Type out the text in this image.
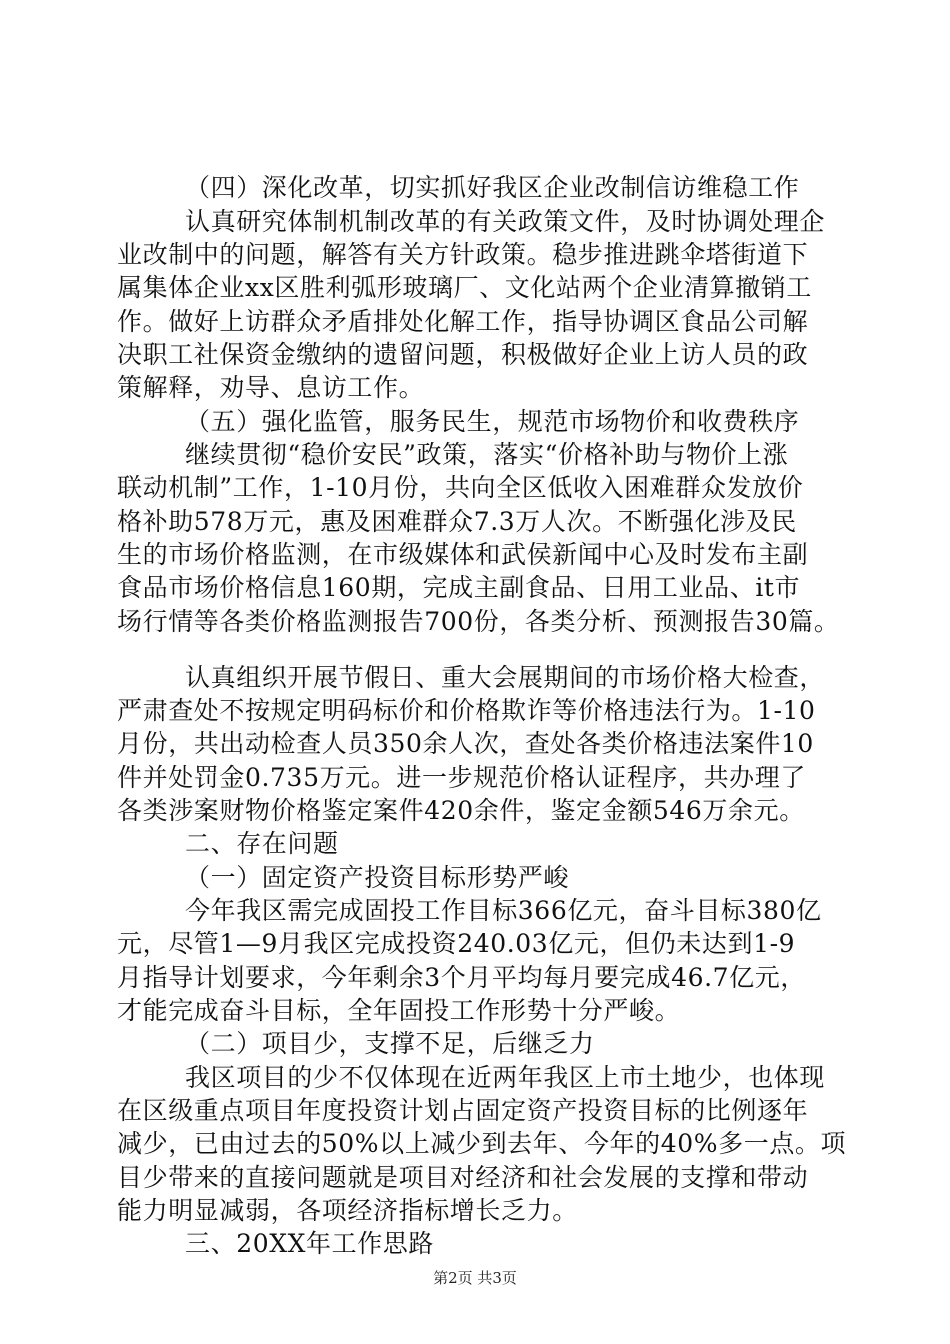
（四）深化改革，切实抓好我区企业改制信访维稳工作
认真研究体制机制改革的有关政策文件，及时协调处理企
业改制中的问题，解答有关方针政策。稳步推进跳伞塔街道下
属集体企业xx区胜利弧形玻璃厂、文化站两个企业清算撤销工
作。做好上访群众矛盾排处化解工作，指导协调区食品公司解
决职工社保资金缴纳的遗留问题，积极做好企业上访人员的政
策解释，劝导、息访工作。
（五）强化监管，服务民生，规范市场物价和收费秩序
继续贯彻“稳价安民”政策，落实“价格补助与物价上涨
联动机制”工作，1-10月份，共向全区低收入困难群众发放价
格补助578万元，惠及困难群众7.3万人次。不断强化涉及民
生的市场价格监测，在市级媒体和武侯新闻中心及时发布主副
食品市场价格信息160期，完成主副食品、日用工业品、it市
场行情等各类价格监测报告700份，各类分析、预测报告30篇。
认真组织开展节假日、重大会展期间的市场价格大检查，
严肃查处不按规定明码标价和价格欺诈等价格违法行为。1-10
月份，共出动检查人员350余人次，查处各类价格违法案件10
件并处罚金0.735万元。进一步规范价格认证程序，共办理了
各类涉案财物价格鉴定案件420余件，鉴定金额546万余元。
二、存在问题
（一）固定资产投资目标形势严峻
今年我区需完成固投工作目标366亿元，奋斗目标380亿
元，尽管1—9月我区完成投资240.03亿元，但仍未达到1-9
月指导计划要求，今年剩余3个月平均每月要完成46.7亿元，
才能完成奋斗目标，全年固投工作形势十分严峻。
（二）项目少，支撑不足，后继乏力
我区项目的少不仅体现在近两年我区上市土地少，也体现
在区级重点项目年度投资计划占固定资产投资目标的比例逐年
减少，已由过去的50%以上减少到去年、今年的40%多一点。项
目少带来的直接问题就是项目对经济和社会发展的支撑和带动
能力明显减弱，各项经济指标增长乏力。
三、20XX年工作思路
第2页 共3页
